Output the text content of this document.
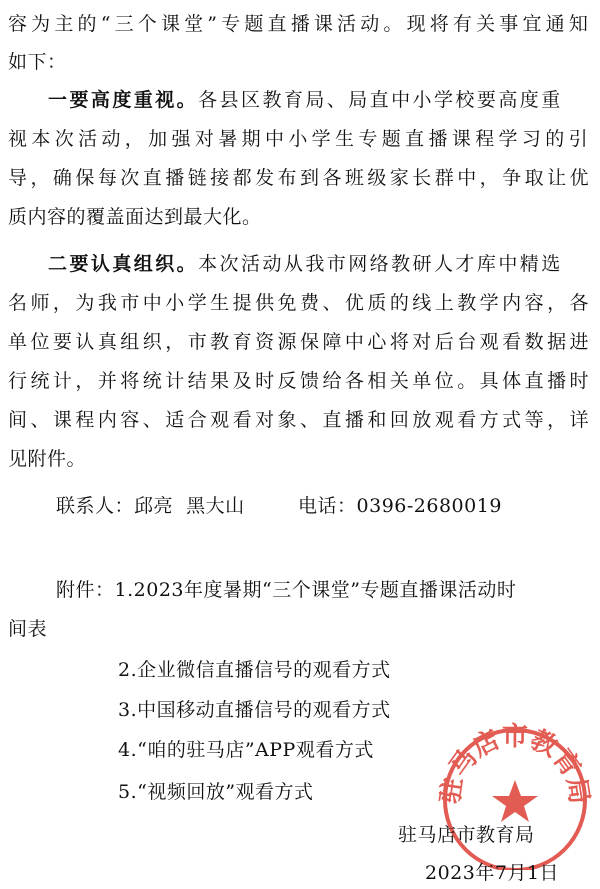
容为主的“三个课堂”专题直播课活动。现将有关事宜通知
如下：
一要高度重视。各县区教育局、局直中小学校要高度重
视本次活动，加强对暑期中小学生专题直播课程学习的引
导，确保每次直播链接都发布到各班级家长群中，争取让优
质内容的覆盖面达到最大化。
二要认真组织。本次活动从我市网络教研人才库中精选
名师，为我市中小学生提供免费、优质的线上教学内容，各
单位要认真组织，市教育资源保障中心将对后台观看数据进
行统计，并将统计结果及时反馈给各相关单位。具体直播时
间、课程内容、适合观看对象、直播和回放观看方式等，详
见附件。
联系人：邱亮  黑大山	电话：0396-2680019
附件：1.2023年度暑期“三个课堂”专题直播课活动时
间表
2.企业微信直播信号的观看方式
3.中国移动直播信号的观看方式
4.“咱的驻马店”APP观看方式
5.“视频回放”观看方式	驻马店市教育局
驻马店市教育局
2023年7月1日
